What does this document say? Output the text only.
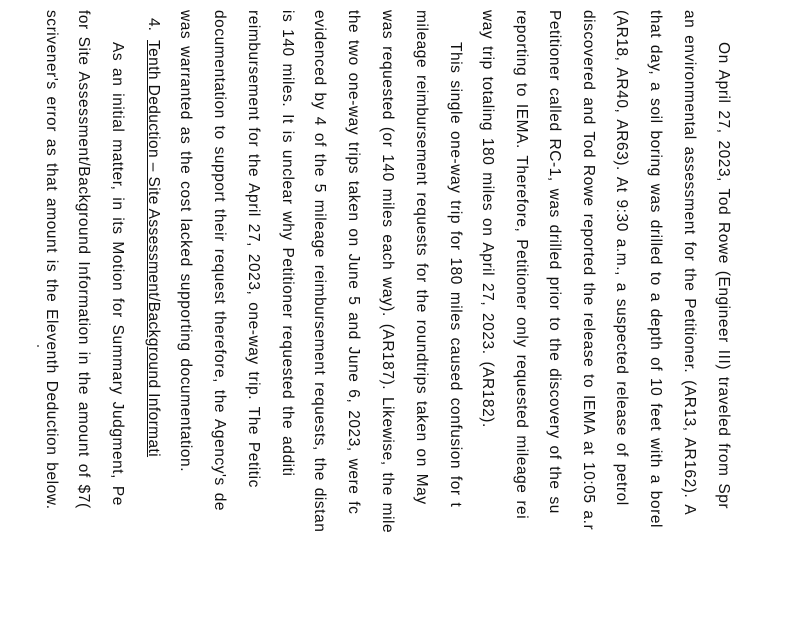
On April 27, 2023, Tod Rowe (Engineer III) traveled from Spr
an environmental assessment for the Petitioner. (AR13, AR162). A
that day, a soil boring was drilled to a depth of 10 feet with a borel
(AR18, AR40, AR63). At 9:30 a.m., a suspected release of petrol
discovered and Tod Rowe reported the release to IEMA at 10:05 a.r
Petitioner called RC-1, was drilled prior to the discovery of the su
reporting to IEMA. Therefore, Petitioner only requested mileage rei
way trip totaling 180 miles on April 27, 2023. (AR182).
This single one-way trip for 180 miles caused confusion for t
mileage reimbursement requests for the roundtrips taken on May
was requested (or 140 miles each way). (AR187). Likewise, the mile
the two one-way trips taken on June 5 and June 6, 2023, were fc
evidenced by 4 of the 5 mileage reimbursement requests, the distan
is 140 miles. It is unclear why Petitioner requested the additi
reimbursement for the April 27, 2023, one-way trip. The Petitic
documentation to support their request therefore, the Agency's de
was warranted as the cost lacked supporting documentation.
4.
Tenth Deduction – Site Assessment/Background Informati
As an initial matter, in its Motion for Summary Judgment, Pe
for Site Assessment/Background Information in the amount of $7(
scrivener's error as that amount is the Eleventh Deduction below.
